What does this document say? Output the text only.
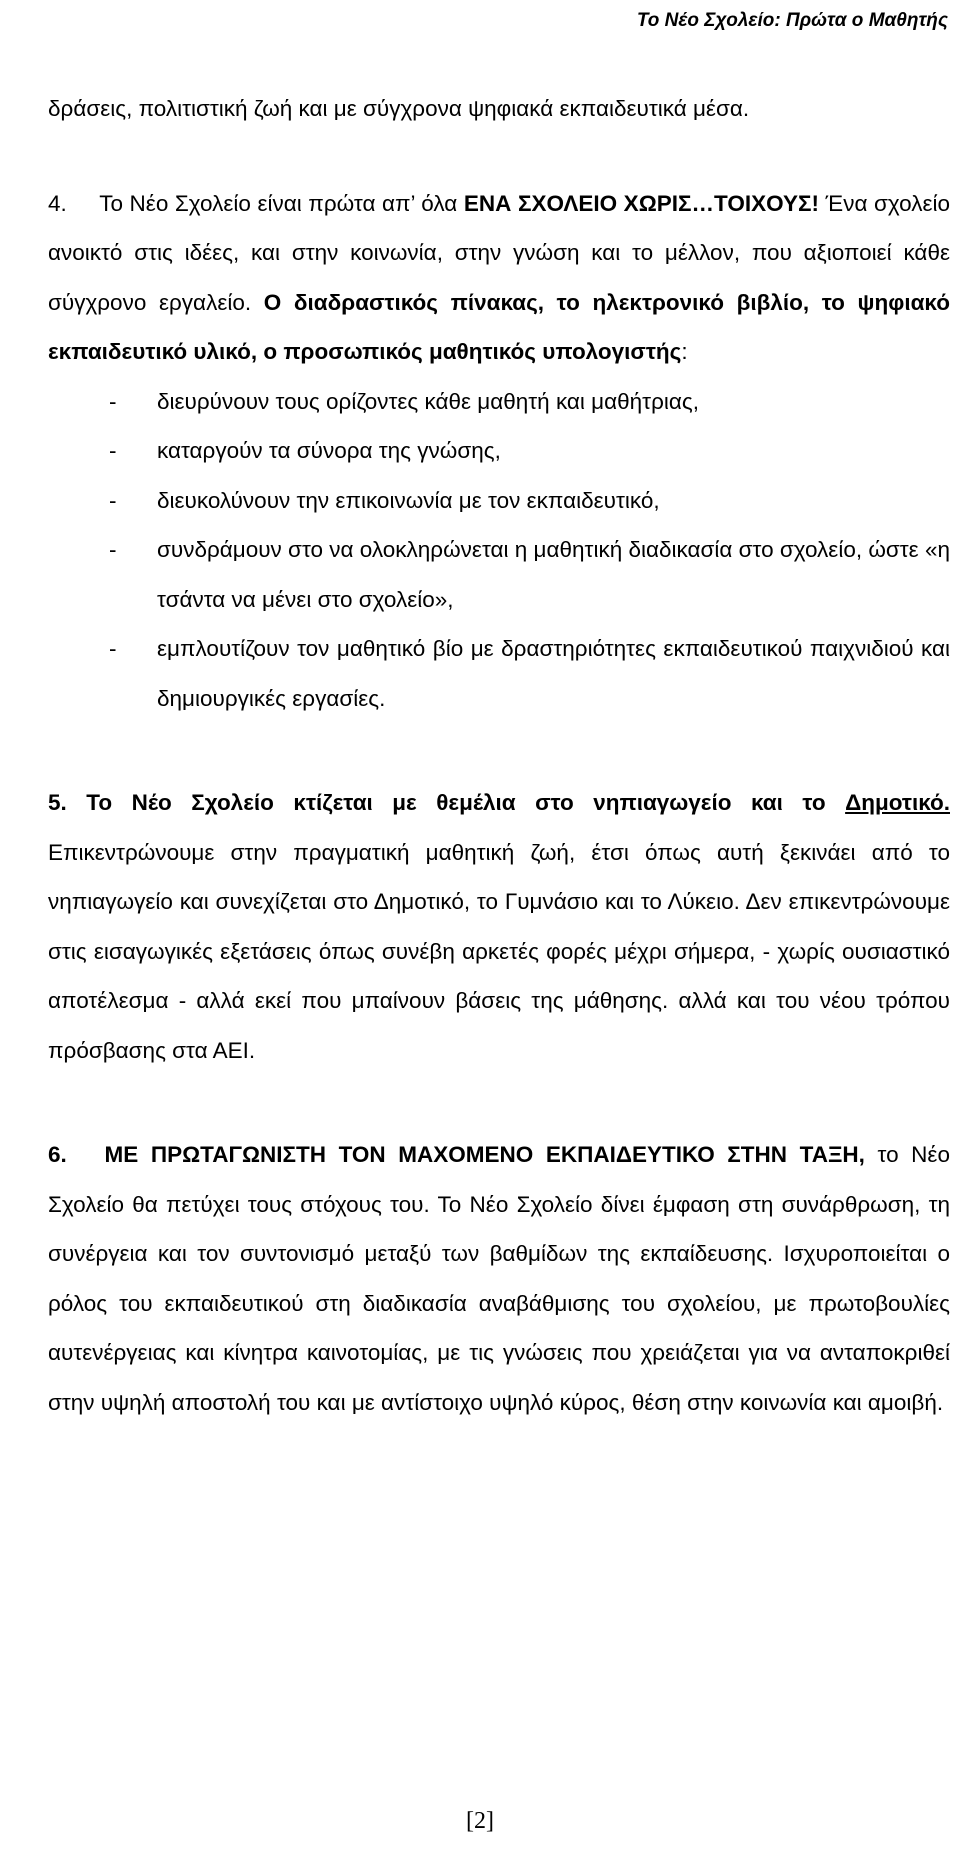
Το Νέο Σχολείο: Πρώτα ο Μαθητής

δράσεις, πολιτιστική ζωή και με σύγχρονα ψηφιακά εκπαιδευτικά μέσα.

4. Το Νέο Σχολείο είναι πρώτα απ’ όλα ΕΝΑ ΣΧΟΛΕΙΟ ΧΩΡΙΣ…ΤΟΙΧΟΥΣ! Ένα σχολείο ανοικτό στις ιδέες, και στην κοινωνία, στην γνώση και το μέλλον, που αξιοποιεί κάθε σύγχρονο εργαλείο. Ο διαδραστικός πίνακας, το ηλεκτρονικό βιβλίο, το ψηφιακό εκπαιδευτικό υλικό, ο προσωπικός μαθητικός υπολογιστής:

- διευρύνουν τους ορίζοντες κάθε μαθητή και μαθήτριας,
- καταργούν τα σύνορα της γνώσης,
- διευκολύνουν την επικοινωνία με τον εκπαιδευτικό,
- συνδράμουν στο να ολοκληρώνεται η μαθητική διαδικασία στο σχολείο, ώστε «η τσάντα να μένει στο σχολείο»,
- εμπλουτίζουν τον μαθητικό βίο με δραστηριότητες εκπαιδευτικού παιχνιδιού και δημιουργικές εργασίες.

5. Το Νέο Σχολείο κτίζεται με θεμέλια στο νηπιαγωγείο και το Δημοτικό. Επικεντρώνουμε στην πραγματική μαθητική ζωή, έτσι όπως αυτή ξεκινάει από το νηπιαγωγείο και συνεχίζεται στο Δημοτικό, το Γυμνάσιο και το Λύκειο. Δεν επικεντρώνουμε στις εισαγωγικές εξετάσεις όπως συνέβη αρκετές φορές μέχρι σήμερα, - χωρίς ουσιαστικό αποτέλεσμα - αλλά εκεί που μπαίνουν βάσεις της μάθησης. αλλά και του νέου τρόπου πρόσβασης στα ΑΕΙ.

6. ΜΕ ΠΡΩΤΑΓΩΝΙΣΤΗ ΤΟΝ ΜΑΧΟΜΕΝΟ ΕΚΠΑΙΔΕΥΤΙΚΟ ΣΤΗΝ ΤΑΞΗ, το Νέο Σχολείο θα πετύχει τους στόχους του. Το Νέο Σχολείο δίνει έμφαση στη συνάρθρωση, τη συνέργεια και τον συντονισμό μεταξύ των βαθμίδων της εκπαίδευσης. Ισχυροποιείται ο ρόλος του εκπαιδευτικού στη διαδικασία αναβάθμισης του σχολείου, με πρωτοβουλίες αυτενέργειας και κίνητρα καινοτομίας, με τις γνώσεις που χρειάζεται για να ανταποκριθεί στην υψηλή αποστολή του και με αντίστοιχο υψηλό κύρος, θέση στην κοινωνία και αμοιβή.

[2]
